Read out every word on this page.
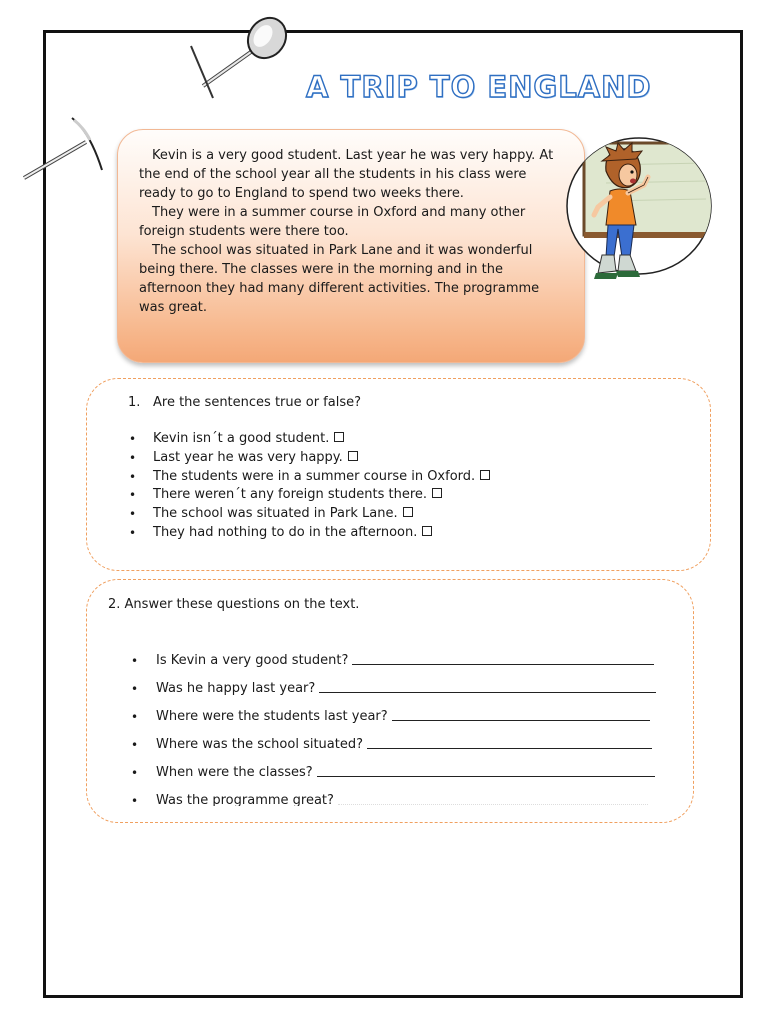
A TRIP TO ENGLAND

Kevin is a very good student. Last year he was very happy. At the end of the school year all the students in his class were ready to go to England to spend two weeks there.

They were in a summer course in Oxford and many other foreign students were there too.

The school was situated in Park Lane and it was wonderful being there. The classes were in the morning and in the afternoon they had many different activities. The programme was great.

1. Are the sentences true or false?
• Kevin isn´t a good student.
• Last year he was very happy.
• The students were in a summer course in Oxford.
• There weren´t any foreign students there.
• The school was situated in Park Lane.
• They had nothing to do in the afternoon.
2. Answer these questions on the text.
• Is Kevin a very good student?
• Was he happy last year?
• Where were the students last year?
• Where was the school situated?
• When were the classes?
• Was the programme great?
